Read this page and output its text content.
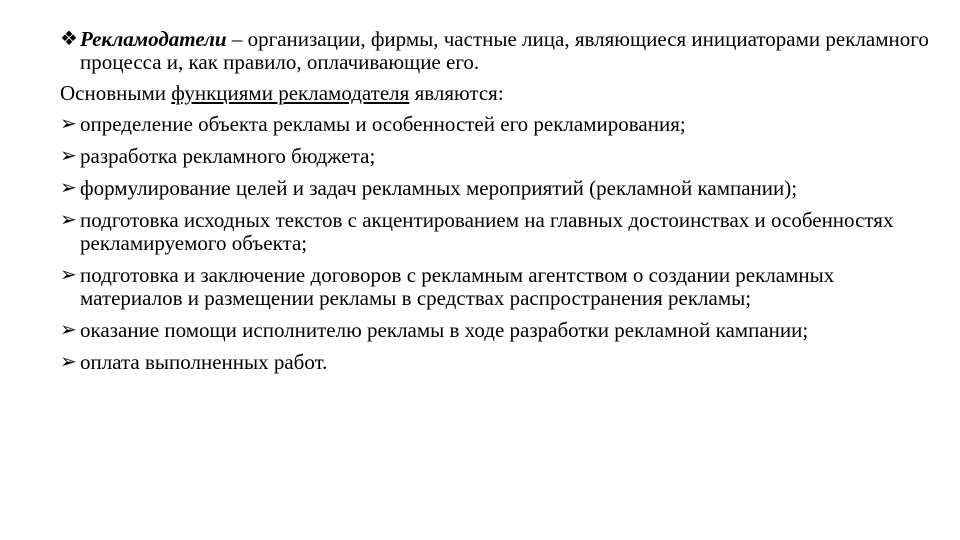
❖ Рекламодатели – организации, фирмы, частные лица, являющиеся инициаторами рекламного процесса и, как правило, оплачивающие его.

Основными функциями рекламодателя являются:

➢ определение объекта рекламы и особенностей его рекламирования;

➢ разработка рекламного бюджета;

➢ формулирование целей и задач рекламных мероприятий (рекламной кампании);

➢ подготовка исходных текстов с акцентированием на главных достоинствах и особенностях рекламируемого объекта;

➢ подготовка и заключение договоров с рекламным агентством о создании рекламных материалов и размещении рекламы в средствах распространения рекламы;

➢ оказание помощи исполнителю рекламы в ходе разработки рекламной кампании;

➢ оплата выполненных работ.
